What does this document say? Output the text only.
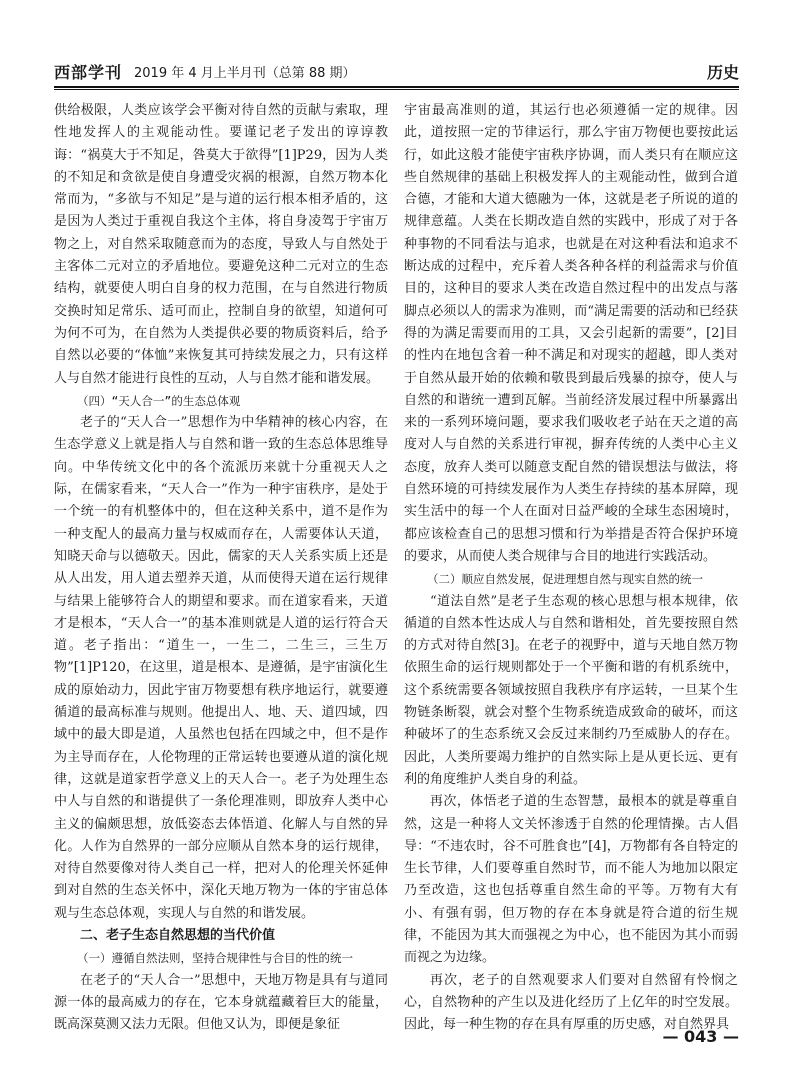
西部学刊 2019 年 4 月上半月刊（总第 88 期）	历史

供给极限，人类应该学会平衡对待自然的贡献与索取，理性地发挥人的主观能动性。要谨记老子发出的谆谆教诲：“祸莫大于不知足，咎莫大于欲得”[1]P29，因为人类的不知足和贪欲是使自身遭受灾祸的根源，自然万物本化常而为，“多欲与不知足”是与道的运行根本相矛盾的，这是因为人类过于重视自我这个主体，将自身凌驾于宇宙万物之上，对自然采取随意而为的态度，导致人与自然处于主客体二元对立的矛盾地位。要避免这种二元对立的生态结构，就要使人明白自身的权力范围，在与自然进行物质交换时知足常乐、适可而止，控制自身的欲望，知道何可为何不可为，在自然为人类提供必要的物质资料后，给予自然以必要的“体恤”来恢复其可持续发展之力，只有这样人与自然才能进行良性的互动，人与自然才能和谐发展。

（四）“天人合一”的生态总体观

老子的“天人合一”思想作为中华精神的核心内容，在生态学意义上就是指人与自然和谐一致的生态总体思维导向。中华传统文化中的各个流派历来就十分重视天人之际，在儒家看来，“天人合一”作为一种宇宙秩序，是处于一个统一的有机整体中的，但在这种关系中，道不是作为一种支配人的最高力量与权威而存在，人需要体认天道，知晓天命与以德敬天。因此，儒家的天人关系实质上还是从人出发，用人道去塑养天道，从而使得天道在运行规律与结果上能够符合人的期望和要求。而在道家看来，天道才是根本，“天人合一”的基本准则就是人道的运行符合天道。老子指出：“道生一，一生二，二生三，三生万物”[1]P120，在这里，道是根本、是遵循，是宇宙演化生成的原始动力，因此宇宙万物要想有秩序地运行，就要遵循道的最高标准与规则。他提出人、地、天、道四域，四域中的最大即是道，人虽然也包括在四域之中，但不是作为主导而存在，人伦物理的正常运转也要遵从道的演化规律，这就是道家哲学意义上的天人合一。老子为处理生态中人与自然的和谐提供了一条伦理准则，即放弃人类中心主义的偏颇思想，放低姿态去体悟道、化解人与自然的异化。人作为自然界的一部分应顺从自然本身的运行规律，对待自然要像对待人类自己一样，把对人的伦理关怀延伸到对自然的生态关怀中，深化天地万物为一体的宇宙总体观与生态总体观，实现人与自然的和谐发展。

二、老子生态自然思想的当代价值

（一）遵循自然法则，坚持合规律性与合目的性的统一

在老子的“天人合一”思想中，天地万物是具有与道同源一体的最高威力的存在，它本身就蕴藏着巨大的能量，既高深莫测又法力无限。但他又认为，即便是象征

宇宙最高准则的道，其运行也必须遵循一定的规律。因此，道按照一定的节律运行，那么宇宙万物便也要按此运行，如此这般才能使宇宙秩序协调，而人类只有在顺应这些自然规律的基础上积极发挥人的主观能动性，做到合道合德，才能和大道大德融为一体，这就是老子所说的道的规律意蕴。人类在长期改造自然的实践中，形成了对于各种事物的不同看法与追求，也就是在对这种看法和追求不断达成的过程中，充斥着人类各种各样的利益需求与价值目的，这种目的要求人类在改造自然过程中的出发点与落脚点必须以人的需求为准则，而“满足需要的活动和已经获得的为满足需要而用的工具，又会引起新的需要”，[2]目的性内在地包含着一种不满足和对现实的超越，即人类对于自然从最开始的依赖和敬畏到最后残暴的掠夺，使人与自然的和谐统一遭到瓦解。当前经济发展过程中所暴露出来的一系列环境问题，要求我们吸收老子站在天之道的高度对人与自然的关系进行审视，摒弃传统的人类中心主义态度，放弃人类可以随意支配自然的错误想法与做法，将自然环境的可持续发展作为人类生存持续的基本屏障，现实生活中的每一个人在面对日益严峻的全球生态困境时，都应该检查自己的思想习惯和行为举措是否符合保护环境的要求，从而使人类合规律与合目的地进行实践活动。

（二）顺应自然发展，促进理想自然与现实自然的统一

“道法自然”是老子生态观的核心思想与根本规律，依循道的自然本性达成人与自然和谐相处，首先要按照自然的方式对待自然[3]。在老子的视野中，道与天地自然万物依照生命的运行规则都处于一个平衡和谐的有机系统中，这个系统需要各领域按照自我秩序有序运转，一旦某个生物链条断裂，就会对整个生物系统造成致命的破坏，而这种破坏了的生态系统又会反过来制约乃至威胁人的存在。因此，人类所要竭力维护的自然实际上是从更长远、更有利的角度维护人类自身的利益。

再次，体悟老子道的生态智慧，最根本的就是尊重自然，这是一种将人文关怀渗透于自然的伦理情操。古人倡导：“不违农时，谷不可胜食也”[4]，万物都有各自特定的生长节律，人们要尊重自然时节，而不能人为地加以限定乃至改造，这也包括尊重自然生命的平等。万物有大有小、有强有弱，但万物的存在本身就是符合道的衍生规律，不能因为其大而强视之为中心，也不能因为其小而弱而视之为边缘。

再次，老子的自然观要求人们要对自然留有怜悯之心，自然物种的产生以及进化经历了上亿年的时空发展。因此，每一种生物的存在具有厚重的历史感，对自然界具

— 043 —
